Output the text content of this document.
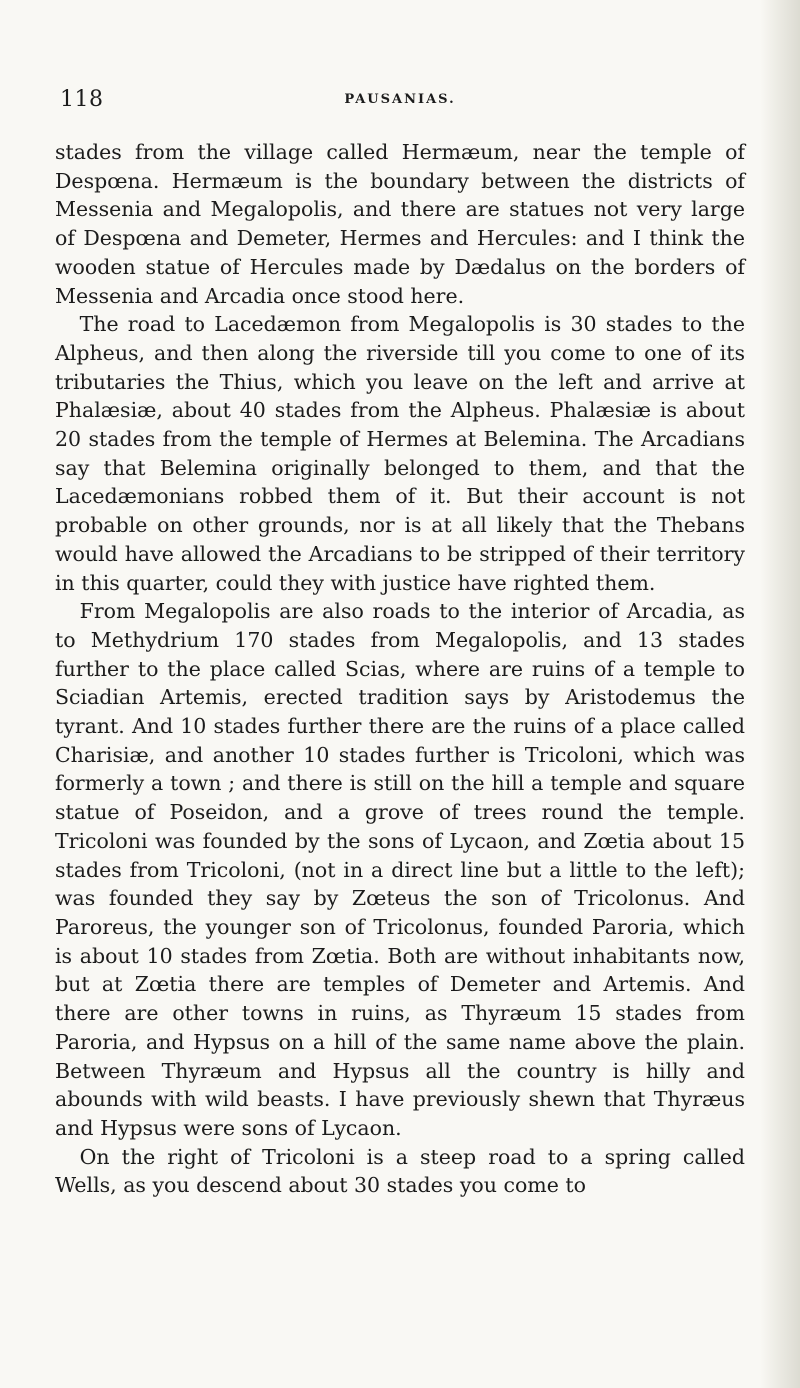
118	PAUSANIAS.

stades from the village called Hermæum, near the temple of Despœna. Hermæum is the boundary between the districts of Messenia and Megalopolis, and there are statues not very large of Despœna and Demeter, Hermes and Hercules: and I think the wooden statue of Hercules made by Dædalus on the borders of Messenia and Arcadia once stood here.

The road to Lacedæmon from Megalopolis is 30 stades to the Alpheus, and then along the riverside till you come to one of its tributaries the Thius, which you leave on the left and arrive at Phalæsiæ, about 40 stades from the Alpheus. Phalæsiæ is about 20 stades from the temple of Hermes at Belemina. The Arcadians say that Belemina originally belonged to them, and that the Lacedæmonians robbed them of it. But their account is not probable on other grounds, nor is at all likely that the Thebans would have allowed the Arcadians to be stripped of their territory in this quarter, could they with justice have righted them.

From Megalopolis are also roads to the interior of Arcadia, as to Methydrium 170 stades from Megalopolis, and 13 stades further to the place called Scias, where are ruins of a temple to Sciadian Artemis, erected tradition says by Aristodemus the tyrant. And 10 stades further there are the ruins of a place called Charisiæ, and another 10 stades further is Tricoloni, which was formerly a town ; and there is still on the hill a temple and square statue of Poseidon, and a grove of trees round the temple. Tricoloni was founded by the sons of Lycaon, and Zœtia about 15 stades from Tricoloni, (not in a direct line but a little to the left); was founded they say by Zœteus the son of Tricolonus. And Paroreus, the younger son of Tricolonus, founded Paroria, which is about 10 stades from Zœtia. Both are without inhabitants now, but at Zœtia there are temples of Demeter and Artemis. And there are other towns in ruins, as Thyræum 15 stades from Paroria, and Hypsus on a hill of the same name above the plain. Between Thyræum and Hypsus all the country is hilly and abounds with wild beasts. I have previously shewn that Thyræus and Hypsus were sons of Lycaon.

On the right of Tricoloni is a steep road to a spring called Wells, as you descend about 30 stades you come to
